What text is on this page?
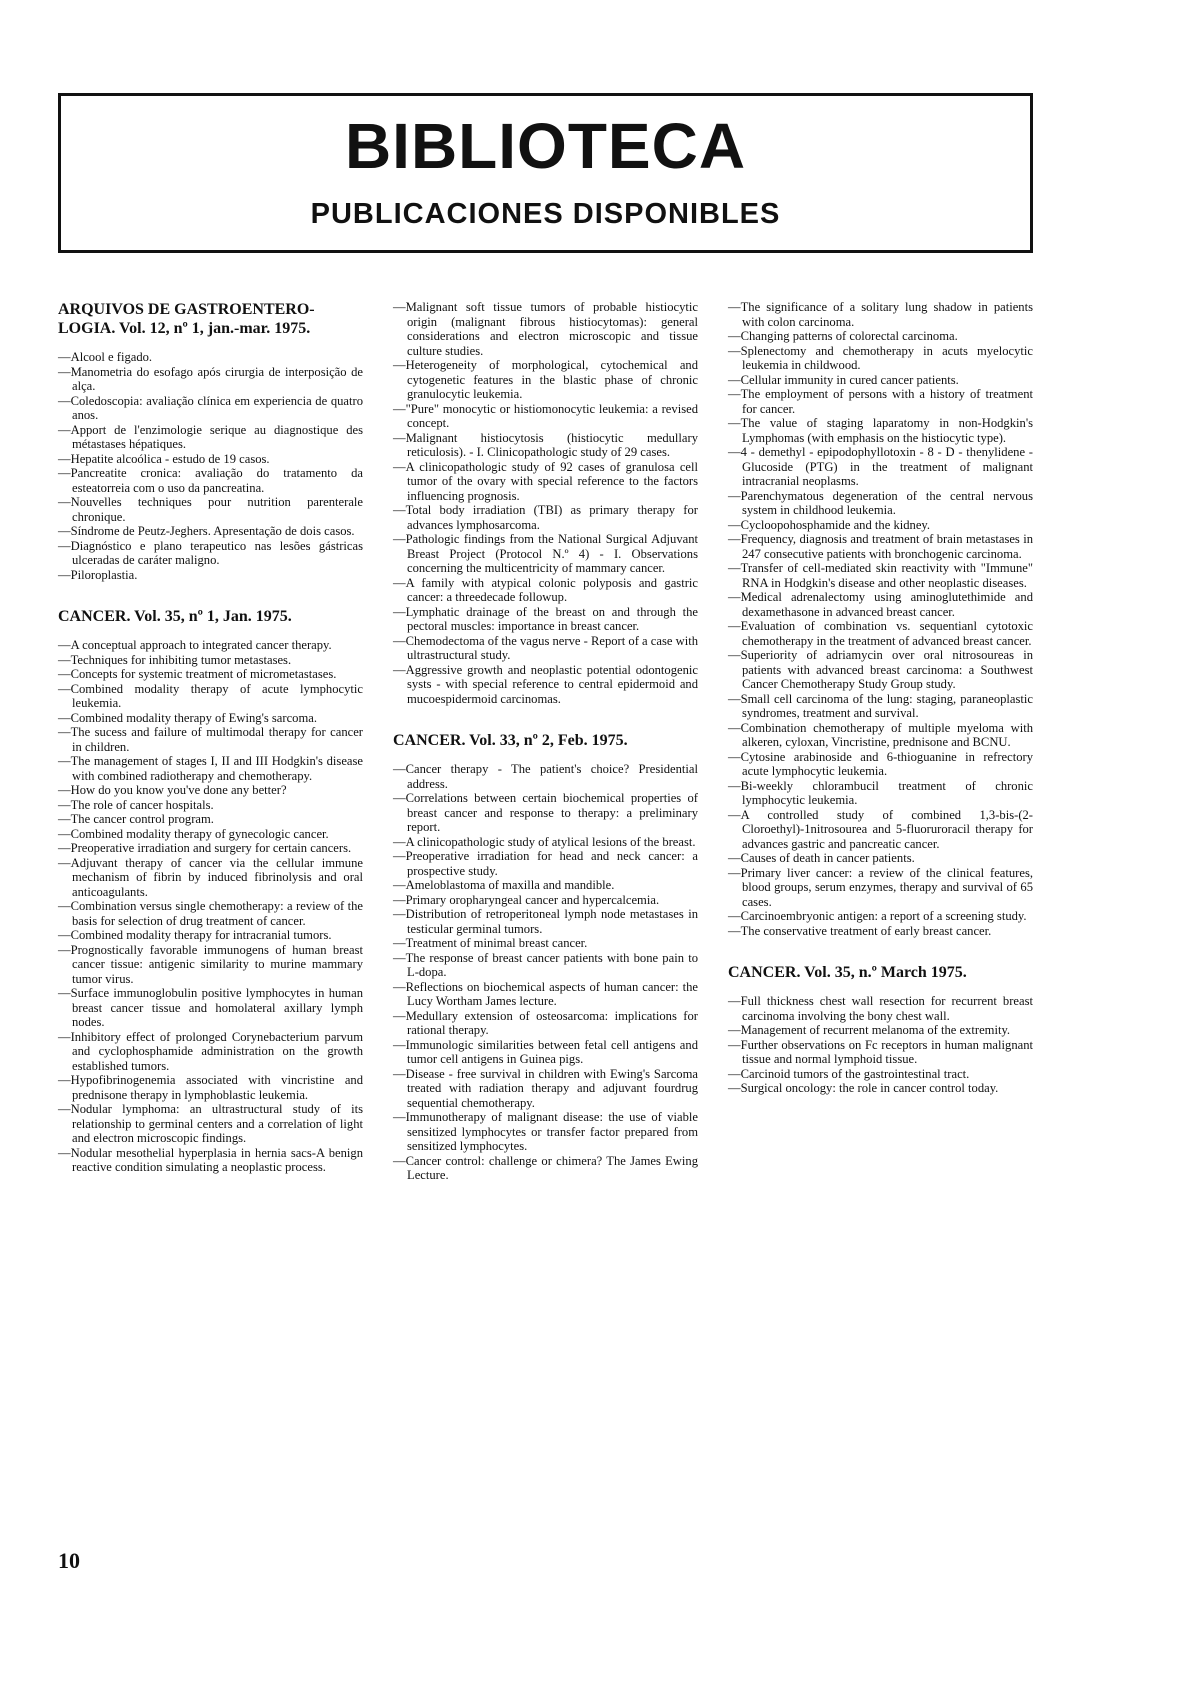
BIBLIOTECA
PUBLICACIONES DISPONIBLES
ARQUIVOS DE GASTROENTERO-LOGIA. Vol. 12, nº 1, jan.-mar. 1975.
—Alcool e figado.
—Manometria do esofago após cirurgia de interposição de alça.
—Coledoscopia: avaliação clínica em experiencia de quatro anos.
—Apport de l'enzimologie serique au diagnostique des métastases hépatiques.
—Hepatite alcoólica - estudo de 19 casos.
—Pancreatite cronica: avaliação do tratamento da esteatorreia com o uso da pancreatina.
—Nouvelles techniques pour nutrition parenterale chronique.
—Síndrome de Peutz-Jeghers. Apresentação de dois casos.
—Diagnóstico e plano terapeutico nas lesões gástricas ulceradas de caráter maligno.
—Piloroplastia.
CANCER. Vol. 35, nº 1, Jan. 1975.
—A conceptual approach to integrated cancer therapy.
—Techniques for inhibiting tumor metastases.
—Concepts for systemic treatment of micrometastases.
—Combined modality therapy of acute lymphocytic leukemia.
—Combined modality therapy of Ewing's sarcoma.
—The sucess and failure of multimodal therapy for cancer in children.
—The management of stages I, II and III Hodgkin's disease with combined radiotherapy and chemotherapy.
—How do you know you've done any better?
—The role of cancer hospitals.
—The cancer control program.
—Combined modality therapy of gynecologic cancer.
—Preoperative irradiation and surgery for certain cancers.
—Adjuvant therapy of cancer via the cellular immune mechanism of fibrin by induced fibrinolysis and oral anticoagulants.
—Combination versus single chemotherapy: a review of the basis for selection of drug treatment of cancer.
—Combined modality therapy for intracranial tumors.
—Prognostically favorable immunogens of human breast cancer tissue: antigenic similarity to murine mammary tumor virus.
—Surface immunoglobulin positive lymphocytes in human breast cancer tissue and homolateral axillary lymph nodes.
—Inhibitory effect of prolonged Corynebacterium parvum and cyclophosphamide administration on the growth established tumors.
—Hypofibrinogenemia associated with vincristine and prednisone therapy in lymphoblastic leukemia.
—Nodular lymphoma: an ultrastructural study of its relationship to germinal centers and a correlation of light and electron microscopic findings.
—Nodular mesothelial hyperplasia in hernia sacs-A benign reactive condition simulating a neoplastic process.
—Malignant soft tissue tumors of probable histiocytic origin (malignant fibrous histiocytomas): general considerations and electron microscopic and tissue culture studies.
—Heterogeneity of morphological, cytochemical and cytogenetic features in the blastic phase of chronic granulocytic leukemia.
—"Pure" monocytic or histiomonocytic leukemia: a revised concept.
—Malignant histiocytosis (histiocytic medullary reticulosis). - I. Clinicopathologic study of 29 cases.
—A clinicopathologic study of 92 cases of granulosa cell tumor of the ovary with special reference to the factors influencing prognosis.
—Total body irradiation (TBI) as primary therapy for advances lymphosarcoma.
—Pathologic findings from the National Surgical Adjuvant Breast Project (Protocol N.º 4) - I. Observations concerning the multicentricity of mammary cancer.
—A family with atypical colonic polyposis and gastric cancer: a threedecade followup.
—Lymphatic drainage of the breast on and through the pectoral muscles: importance in breast cancer.
—Chemodectoma of the vagus nerve - Report of a case with ultrastructural study.
—Aggressive growth and neoplastic potential odontogenic systs - with special reference to central epidermoid and mucoespidermoid carcinomas.
CANCER. Vol. 33, nº 2, Feb. 1975.
—Cancer therapy - The patient's choice? Presidential address.
—Correlations between certain biochemical properties of breast cancer and response to therapy: a preliminary report.
—A clinicopathologic study of atylical lesions of the breast.
—Preoperative irradiation for head and neck cancer: a prospective study.
—Ameloblastoma of maxilla and mandible.
—Primary oropharyngeal cancer and hypercalcemia.
—Distribution of retroperitoneal lymph node metastases in testicular germinal tumors.
—Treatment of minimal breast cancer.
—The response of breast cancer patients with bone pain to L-dopa.
—Reflections on biochemical aspects of human cancer: the Lucy Wortham James lecture.
—Medullary extension of osteosarcoma: implications for rational therapy.
—Immunologic similarities between fetal cell antigens and tumor cell antigens in Guinea pigs.
—Disease - free survival in children with Ewing's Sarcoma treated with radiation therapy and adjuvant fourdrug sequential chemotherapy.
—Immunotherapy of malignant disease: the use of viable sensitized lymphocytes or transfer factor prepared from sensitized lymphocytes.
—Cancer control: challenge or chimera? The James Ewing Lecture.
—The significance of a solitary lung shadow in patients with colon carcinoma.
—Changing patterns of colorectal carcinoma.
—Splenectomy and chemotherapy in acuts myelocytic leukemia in childwood.
—Cellular immunity in cured cancer patients.
—The employment of persons with a history of treatment for cancer.
—The value of staging laparatomy in non-Hodgkin's Lymphomas (with emphasis on the histiocytic type).
—4 - demethyl - epipodophyllotoxin - 8 - D - thenylidene - Glucoside (PTG) in the treatment of malignant intracranial neoplasms.
—Parenchymatous degeneration of the central nervous system in childhood leukemia.
—Cycloopohosphamide and the kidney.
—Frequency, diagnosis and treatment of brain metastases in 247 consecutive patients with bronchogenic carcinoma.
—Transfer of cell-mediated skin reactivity with "Immune" RNA in Hodgkin's disease and other neoplastic diseases.
—Medical adrenalectomy using aminoglutethimide and dexamethasone in advanced breast cancer.
—Evaluation of combination vs. sequentianl cytotoxic chemotherapy in the treatment of advanced breast cancer.
—Superiority of adriamycin over oral nitrosoureas in patients with advanced breast carcinoma: a Southwest Cancer Chemotherapy Study Group study.
—Small cell carcinoma of the lung: staging, paraneoplastic syndromes, treatment and survival.
—Combination chemotherapy of multiple myeloma with alkeren, cyloxan, Vincristine, prednisone and BCNU.
—Cytosine arabinoside and 6-thioguanine in refrectory acute lymphocytic leukemia.
—Bi-weekly chlorambucil treatment of chronic lymphocytic leukemia.
—A controlled study of combined 1,3-bis-(2-Cloroethyl)-1nitrosourea and 5-fluoruroracil therapy for advances gastric and pancreatic cancer.
—Causes of death in cancer patients.
—Primary liver cancer: a review of the clinical features, blood groups, serum enzymes, therapy and survival of 65 cases.
—Carcinoembryonic antigen: a report of a screening study.
—The conservative treatment of early breast cancer.
CANCER. Vol. 35, n.º March 1975.
—Full thickness chest wall resection for recurrent breast carcinoma involving the bony chest wall.
—Management of recurrent melanoma of the extremity.
—Further observations on Fc receptors in human malignant tissue and normal lymphoid tissue.
—Carcinoid tumors of the gastrointestinal tract.
—Surgical oncology: the role in cancer control today.
10
